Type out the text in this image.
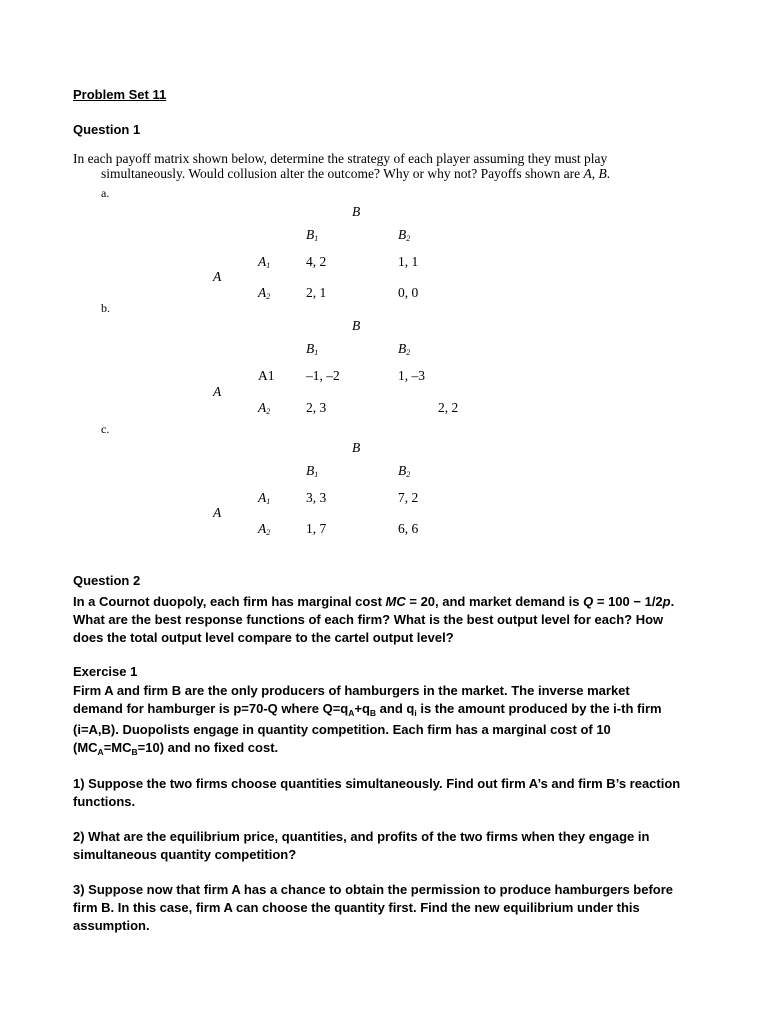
Problem Set 11
Question 1
In each payoff matrix shown below, determine the strategy of each player assuming they must play
simultaneously. Would collusion alter the outcome? Why or why not? Payoffs shown are A, B.
a.
B
$B_1$	$B_2$
$A_1$	4, 2	1, 1
A
$A_2$	2, 1	0, 0
b.
B
$B_1$	$B_2$
A1 –1, –2	1, –3
A
$A_2$	2, 3	2, 2
c.
B
$B_1$	$B_2$
$A_1$	3, 3	7, 2
A
$A_2$	1, 7	6, 6
Question 2
In a Cournot duopoly, each firm has marginal cost MC = 20, and market demand is Q = 100 − 1/2p.
What are the best response functions of each firm? What is the best output level for each? How
does the total output level compare to the cartel output level?
Exercise 1
Firm A and firm B are the only producers of hamburgers in the market. The inverse market
demand for hamburger is p=70-Q where $Q=q_A+q_B$ and $q_i$ is the amount produced by the i-th firm
(i=A,B). Duopolists engage in quantity competition. Each firm has a marginal cost of 10
$(MC_A=MC_B=10)$ and no fixed cost.
1) Suppose the two firms choose quantities simultaneously. Find out firm A’s and firm B’s reaction
functions.
2) What are the equilibrium price, quantities, and profits of the two firms when they engage in
simultaneous quantity competition?
3) Suppose now that firm A has a chance to obtain the permission to produce hamburgers before
firm B. In this case, firm A can choose the quantity first. Find the new equilibrium under this
assumption.
